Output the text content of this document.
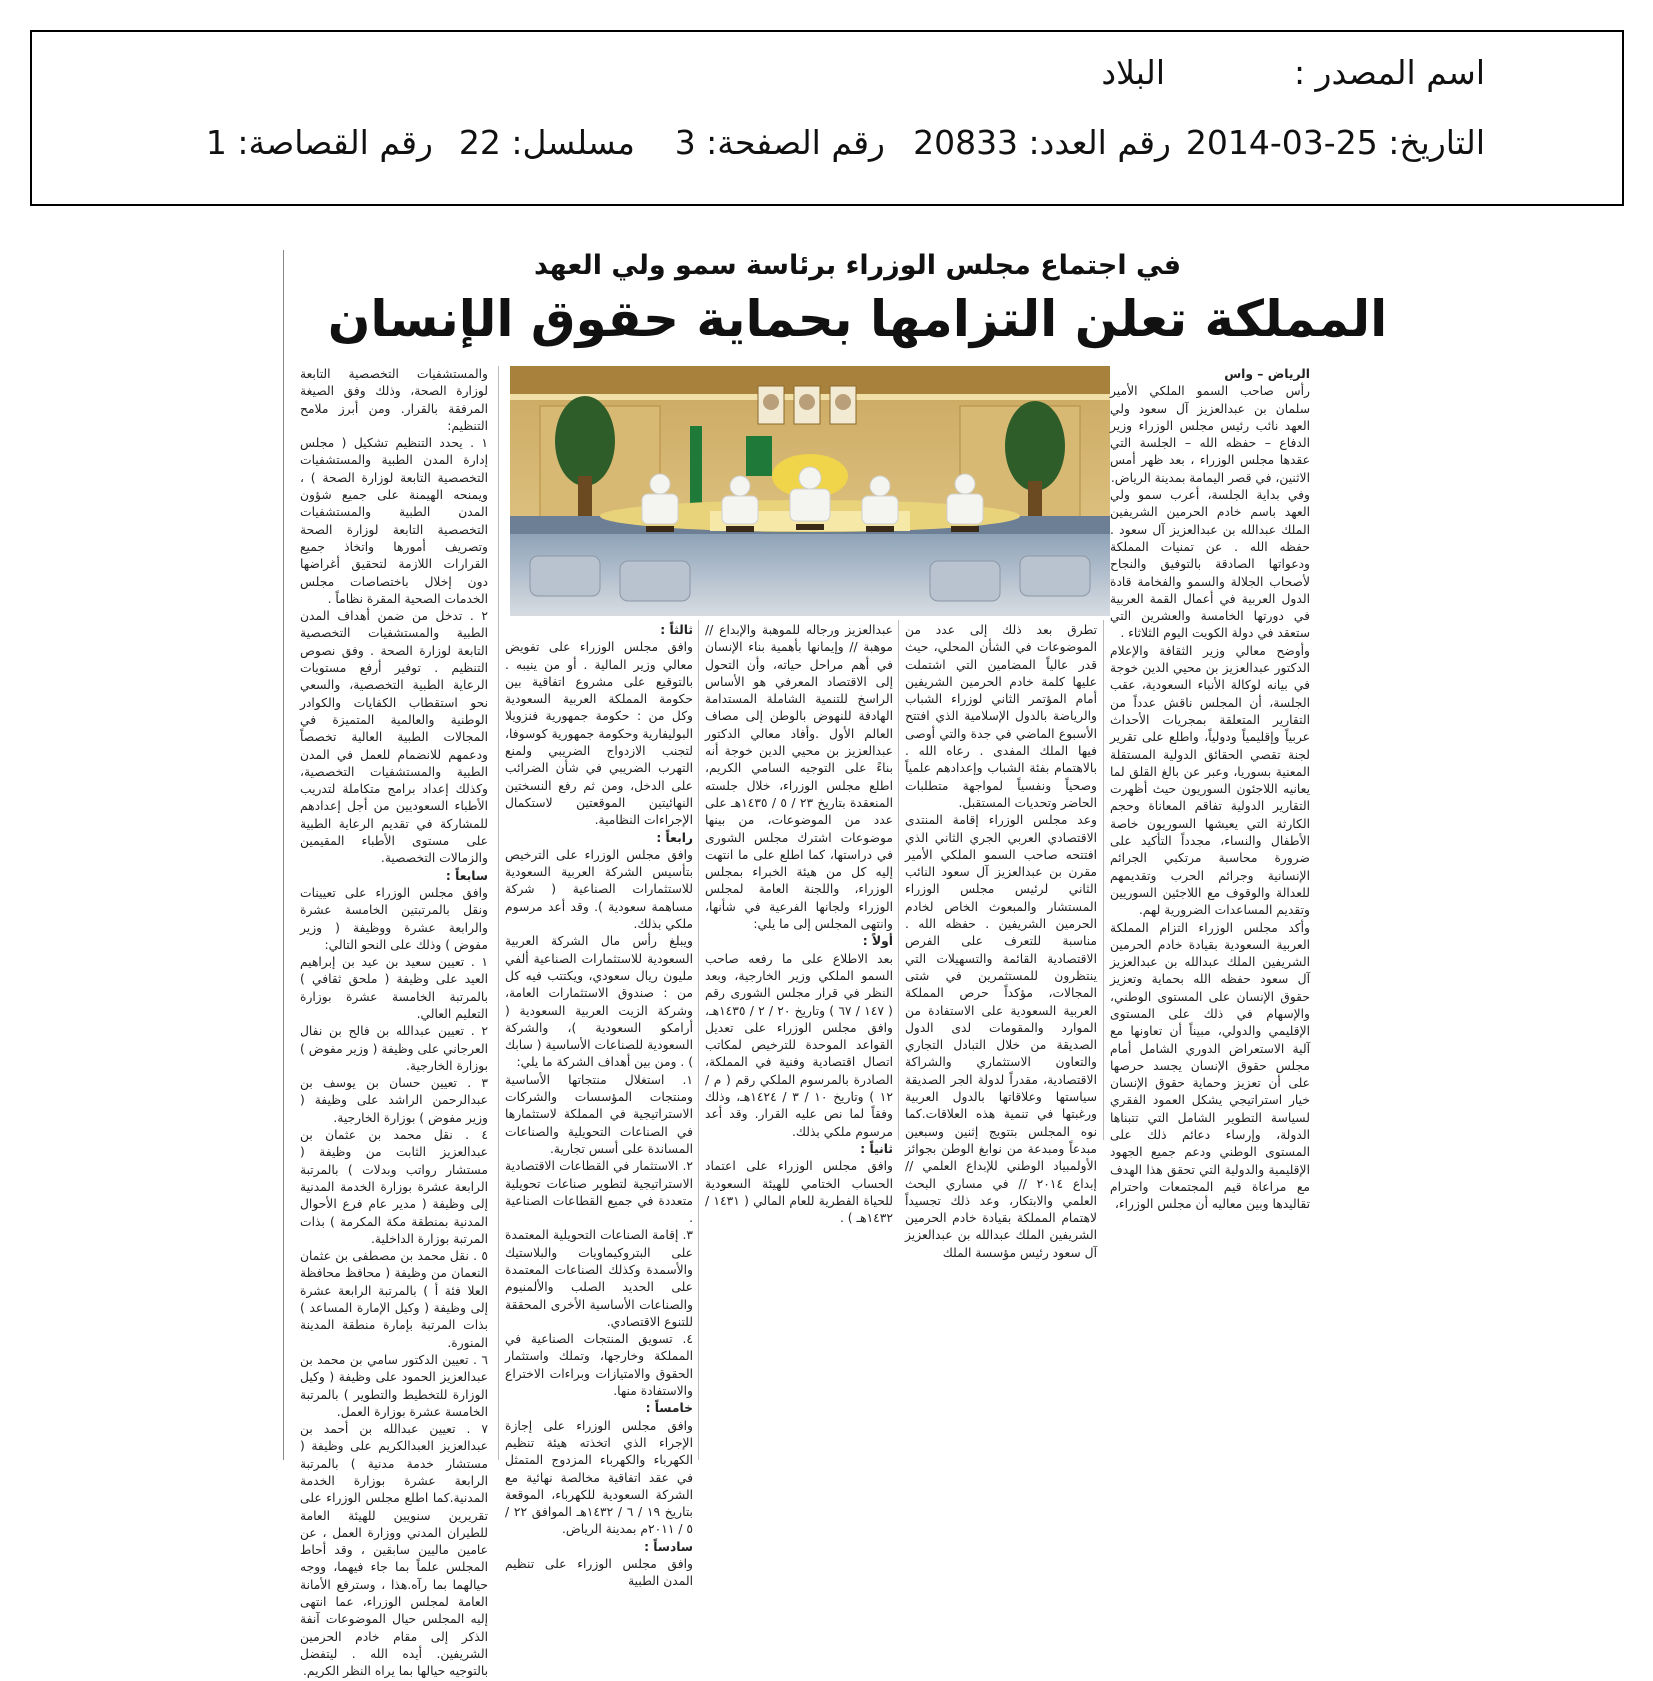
اسم المصدر :
البلاد
التاريخ: 25-03-2014
رقم العدد: 20833
رقم الصفحة: 3
مسلسل: 22
رقم القصاصة: 1
في اجتماع مجلس الوزراء برئاسة سمو ولي العهد
المملكة تعلن التزامها بحماية حقوق الإنسان

الرياض – واس

رأس صاحب السمو الملكي الأمير سلمان بن عبدالعزيز آل سعود ولي العهد نائب رئيس مجلس الوزراء وزير الدفاع – حفظه الله – الجلسة التي عقدها مجلس الوزراء ، بعد ظهر أمس الاثنين، في قصر اليمامة بمدينة الرياض.

وفي بداية الجلسة، أعرب سمو ولي العهد باسم خادم الحرمين الشريفين الملك عبدالله بن عبدالعزيز آل سعود . حفظه الله . عن تمنيات المملكة ودعواتها الصادقة بالتوفيق والنجاح لأصحاب الجلالة والسمو والفخامة قادة الدول العربية في أعمال القمة العربية في دورتها الخامسة والعشرين التي ستعقد في دولة الكويت اليوم الثلاثاء .

وأوضح معالي وزير الثقافة والإعلام الدكتور عبدالعزيز بن محيي الدين خوجة في بيانه لوكالة الأنباء السعودية، عقب الجلسة، أن المجلس ناقش عدداً من التقارير المتعلقة بمجريات الأحداث عربياً وإقليمياً ودولياً، واطلع على تقرير لجنة تقصي الحقائق الدولية المستقلة المعنية بسوريا، وعبر عن بالغ القلق لما يعانيه اللاجئون السوريون حيث أظهرت التقارير الدولية تفاقم المعاناة وحجم الكارثة التي يعيشها السوريون خاصة الأطفال والنساء، مجدداً التأكيد على ضرورة محاسبة مرتكبي الجرائم الإنسانية وجرائم الحرب وتقديمهم للعدالة والوقوف مع اللاجئين السوريين وتقديم المساعدات الضرورية لهم.

وأكد مجلس الوزراء التزام المملكة العربية السعودية بقيادة خادم الحرمين الشريفين الملك عبدالله بن عبدالعزيز آل سعود حفظه الله بحماية وتعزيز حقوق الإنسان على المستوى الوطني، والإسهام في ذلك على المستوى الإقليمي والدولي، مبيناً أن تعاونها مع آلية الاستعراض الدوري الشامل أمام مجلس حقوق الإنسان يجسد حرصها على أن تعزيز وحماية حقوق الإنسان خيار استراتيجي يشكل العمود الفقري لسياسة التطوير الشامل التي تتبناها الدولة، وإرساء دعائم ذلك على المستوى الوطني ودعم جميع الجهود الإقليمية والدولية التي تحقق هذا الهدف مع مراعاة قيم المجتمعات واحترام تقاليدها وبين معاليه أن مجلس الوزراء،

تطرق بعد ذلك إلى عدد من الموضوعات في الشأن المحلي، حيث قدر عالياً المضامين التي اشتملت عليها كلمة خادم الحرمين الشريفين أمام المؤتمر الثاني لوزراء الشباب والرياضة بالدول الإسلامية الذي افتتح الأسبوع الماضي في جدة والتي أوصى فيها الملك المفدى . رعاه الله . بالاهتمام بفئة الشباب وإعدادهم علمياً وصحياً ونفسياً لمواجهة متطلبات الحاضر وتحديات المستقبل.

وعد مجلس الوزراء إقامة المنتدى الاقتصادي العربي الجري الثاني الذي افتتحه صاحب السمو الملكي الأمير مقرن بن عبدالعزيز آل سعود النائب الثاني لرئيس مجلس الوزراء المستشار والمبعوث الخاص لخادم الحرمين الشريفين . حفظه الله . مناسبة للتعرف على الفرص الاقتصادية القائمة والتسهيلات التي ينتظرون للمستثمرين في شتى المجالات، مؤكداً حرص المملكة العربية السعودية على الاستفادة من الموارد والمقومات لدى الدول الصديقة من خلال التبادل التجاري والتعاون الاستثماري والشراكة الاقتصادية، مقدراً لدولة الجر الصديقة سياستها وعلاقاتها بالدول العربية ورغبتها في تنمية هذه العلاقات.كما نوه المجلس بتتويج إثنين وسبعين مبدعاً ومبدعة من نوابغ الوطن بجوائز الأولمبياد الوطني للإبداع العلمي // إبداع ٢٠١٤ // في مساري البحث العلمي والابتكار، وعد ذلك تجسيداً لاهتمام المملكة بقيادة خادم الحرمين الشريفين الملك عبدالله بن عبدالعزيز آل سعود رئيس مؤسسة الملك

عبدالعزيز ورجاله للموهبة والإبداع // موهبة // وإيمانها بأهمية بناء الإنسان في أهم مراحل حياته، وأن التحول إلى الاقتصاد المعرفي هو الأساس الراسخ للتنمية الشاملة المستدامة الهادفة للنهوض بالوطن إلى مصاف العالم الأول .وأفاد معالي الدكتور عبدالعزيز بن محيي الدين خوجة أنه بناءً على التوجيه السامي الكريم، اطلع مجلس الوزراء، خلال جلسته المنعقدة بتاريخ ٢٣ / ٥ / ١٤٣٥هـ على عدد من الموضوعات، من بينها موضوعات اشترك مجلس الشورى في دراستها، كما اطلع على ما انتهت إليه كل من هيئة الخبراء بمجلس الوزراء، واللجنة العامة لمجلس الوزراء ولجانها الفرعية في شأنها، وانتهى المجلس إلى ما يلي:

أولاً :

بعد الاطلاع على ما رفعه صاحب السمو الملكي وزير الخارجية، وبعد النظر في قرار مجلس الشورى رقم ( ١٤٧ / ٦٧ ) وتاريخ ٢٠ / ٢ / ١٤٣٥هـ، وافق مجلس الوزراء على تعديل القواعد الموحدة للترخيص لمكاتب اتصال اقتصادية وفنية في المملكة، الصادرة بالمرسوم الملكي رقم ( م / ١٢ ) وتاريخ ١٠ / ٣ / ١٤٢٤هـ، وذلك وفقاً لما نص عليه القرار. وقد أعد مرسوم ملكي بذلك.

ثانياً :

وافق مجلس الوزراء على اعتماد الحساب الختامي للهيئة السعودية للحياة الفطرية للعام المالي ( ١٤٣١ / ١٤٣٢هـ ) .

ثالثاً :

وافق مجلس الوزراء على تفويض معالي وزير المالية . أو من ينيبه . بالتوقيع على مشروع اتفاقية بين حكومة المملكة العربية السعودية وكل من : حكومة جمهورية فنزويلا البوليفارية وحكومة جمهورية كوسوفا، لتجنب الازدواج الضريبي ولمنع التهرب الضريبي في شأن الضرائب على الدخل، ومن ثم رفع النسختين النهائيتين الموقعتين لاستكمال الإجراءات النظامية.

رابعاً :

وافق مجلس الوزراء على الترخيص بتأسيس الشركة العربية السعودية للاستثمارات الصناعية ( شركة مساهمة سعودية ). وقد أعد مرسوم ملكي بذلك.

ويبلغ رأس مال الشركة العربية السعودية للاستثمارات الصناعية ألفي مليون ريال سعودي، ويكتتب فيه كل من : صندوق الاستثمارات العامة، وشركة الزيت العربية السعودية ( أرامكو السعودية )، والشركة السعودية للصناعات الأساسية ( سابك ) . ومن بين أهداف الشركة ما يلي:

١. استغلال منتجاتها الأساسية ومنتجات المؤسسات والشركات الاستراتيجية في المملكة لاستثمارها في الصناعات التحويلية والصناعات المساندة على أسس تجارية.

٢. الاستثمار في القطاعات الاقتصادية الاستراتيجية لتطوير صناعات تحويلية متعددة في جميع القطاعات الصناعية .

٣. إقامة الصناعات التحويلية المعتمدة على البتروكيماويات والبلاستيك والأسمدة وكذلك الصناعات المعتمدة على الحديد الصلب والألمنيوم والصناعات الأساسية الأخرى المحققة للتنوع الاقتصادي.

٤. تسويق المنتجات الصناعية في المملكة وخارجها، وتملك واستثمار الحقوق والامتيازات وبراءات الاختراع والاستفادة منها.

خامساً :

وافق مجلس الوزراء على إجازة الإجراء الذي اتخذته هيئة تنظيم الكهرباء والكهرباء المزدوج المتمثل في عقد اتفاقية مخالصة نهائية مع الشركة السعودية للكهرباء، الموقعة بتاريخ ١٩ / ٦ / ١٤٣٢هـ الموافق ٢٢ / ٥ / ٢٠١١م بمدينة الرياض.

سادساً :

وافق مجلس الوزراء على تنظيم المدن الطبية

والمستشفيات التخصصية التابعة لوزارة الصحة، وذلك وفق الصيغة المرفقة بالقرار. ومن أبرز ملامح التنظيم:

١ . يحدد التنظيم تشكيل ( مجلس إدارة المدن الطبية والمستشفيات التخصصية التابعة لوزارة الصحة ) ، ويمنحه الهيمنة على جميع شؤون المدن الطبية والمستشفيات التخصصية التابعة لوزارة الصحة وتصريف أمورها واتخاذ جميع القرارات اللازمة لتحقيق أغراضها دون إخلال باختصاصات مجلس الخدمات الصحية المقرة نظاماً .

٢ . تدخل من ضمن أهداف المدن الطبية والمستشفيات التخصصية التابعة لوزارة الصحة . وفق نصوص التنظيم . توفير أرفع مستويات الرعاية الطبية التخصصية، والسعي نحو استقطاب الكفايات والكوادر الوطنية والعالمية المتميزة في المجالات الطبية العالية تخصصاً ودعمهم للانضمام للعمل في المدن الطبية والمستشفيات التخصصية، وكذلك إعداد برامج متكاملة لتدريب الأطباء السعوديين من أجل إعدادهم للمشاركة في تقديم الرعاية الطبية على مستوى الأطباء المقيمين والزمالات التخصصية.

سابعاً :

وافق مجلس الوزراء على تعيينات ونقل بالمرتبتين الخامسة عشرة والرابعة عشرة ووظيفة ( وزير مفوض ) وذلك على النحو التالي:

١ . تعيين سعيد بن عيد بن إبراهيم العيد على وظيفة ( ملحق ثقافي ) بالمرتبة الخامسة عشرة بوزارة التعليم العالي.

٢ . تعيين عبدالله بن فالح بن نفال العرجاني على وظيفة ( وزير مفوض ) بوزارة الخارجية.

٣ . تعيين حسان بن يوسف بن عبدالرحمن الراشد على وظيفة ( وزير مفوض ) بوزارة الخارجية.

٤ . نقل محمد بن عثمان بن عبدالعزيز الثابت من وظيفة ( مستشار رواتب وبدلات ) بالمرتبة الرابعة عشرة بوزارة الخدمة المدنية إلى وظيفة ( مدير عام فرع الأحوال المدنية بمنطقة مكة المكرمة ) بذات المرتبة بوزارة الداخلية.

٥ . نقل محمد بن مصطفى بن عثمان النعمان من وظيفة ( محافظ محافظة العلا فئة أ ) بالمرتبة الرابعة عشرة إلى وظيفة ( وكيل الإمارة المساعد ) بذات المرتبة بإمارة منطقة المدينة المنورة.

٦ . تعيين الدكتور سامي بن محمد بن عبدالعزيز الحمود على وظيفة ( وكيل الوزارة للتخطيط والتطوير ) بالمرتبة الخامسة عشرة بوزارة العمل.

٧ . تعيين عبدالله بن أحمد بن عبدالعزيز العبدالكريم على وظيفة ( مستشار خدمة مدنية ) بالمرتبة الرابعة عشرة بوزارة الخدمة المدنية.كما اطلع مجلس الوزراء على تقريرين سنويين للهيئة العامة للطيران المدني ووزارة العمل ، عن عامين ماليين سابقين ، وقد أحاط المجلس علماً بما جاء فيهما، ووجه حيالهما بما رآه.هذا ، وسترفع الأمانة العامة لمجلس الوزراء، عما انتهى إليه المجلس حيال الموضوعات آنفة الذكر إلى مقام خادم الحرمين الشريفين. أيده الله . ليتفضل بالتوجيه حيالها بما يراه النظر الكريم.
